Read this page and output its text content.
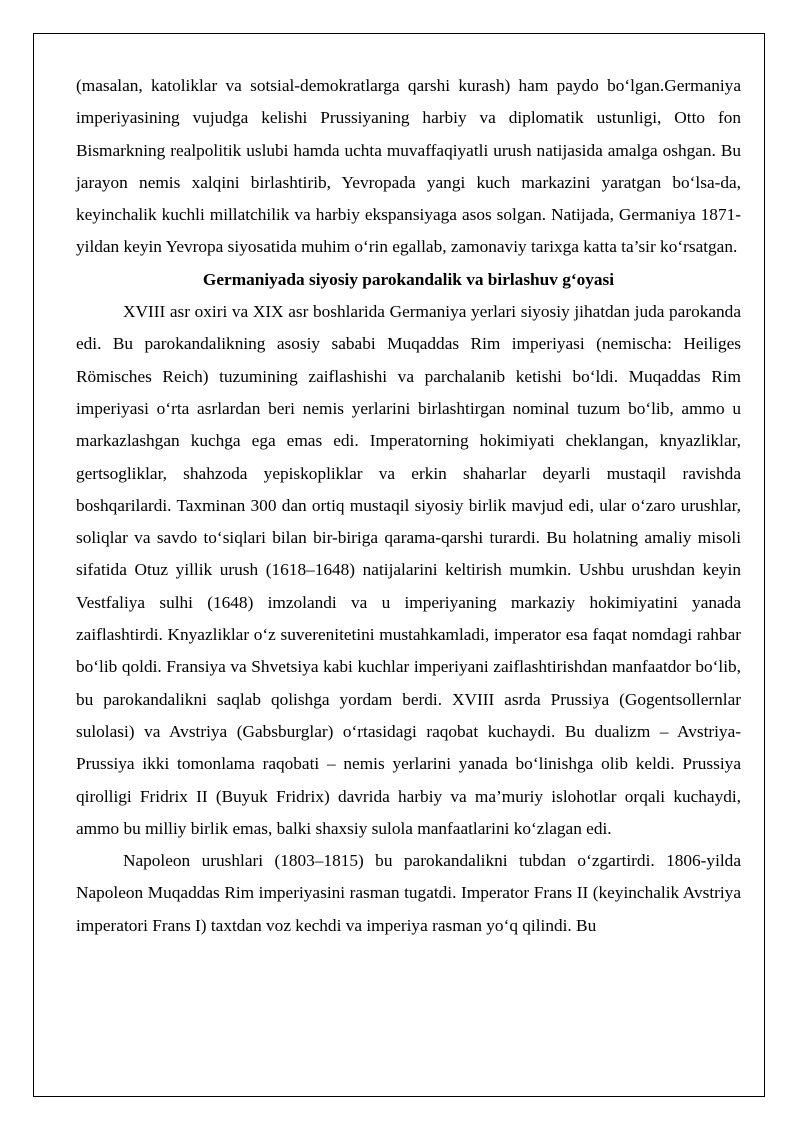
(masalan, katoliklar va sotsial-demokratlarga qarshi kurash) ham paydo bo‘lgan.Germaniya imperiyasining vujudga kelishi Prussiyaning harbiy va diplomatik ustunligi, Otto fon Bismarkning realpolitik uslubi hamda uchta muvaffaqiyatli urush natijasida amalga oshgan. Bu jarayon nemis xalqini birlashtirib, Yevropada yangi kuch markazini yaratgan bo‘lsa-da, keyinchalik kuchli millatchilik va harbiy ekspansiyaga asos solgan. Natijada, Germaniya 1871-yildan keyin Yevropa siyosatida muhim o‘rin egallab, zamonaviy tarixga katta ta’sir ko‘rsatgan.

Germaniyada siyosiy parokandalik va birlashuv g‘oyasi

XVIII asr oxiri va XIX asr boshlarida Germaniya yerlari siyosiy jihatdan juda parokanda edi. Bu parokandalikning asosiy sababi Muqaddas Rim imperiyasi (nemischa: Heiliges Römisches Reich) tuzumining zaiflashishi va parchalanib ketishi bo‘ldi. Muqaddas Rim imperiyasi o‘rta asrlardan beri nemis yerlarini birlashtirgan nominal tuzum bo‘lib, ammo u markazlashgan kuchga ega emas edi. Imperatorning hokimiyati cheklangan, knyazliklar, gertsogliklar, shahzoda yepiskopliklar va erkin shaharlar deyarli mustaqil ravishda boshqarilardi. Taxminan 300 dan ortiq mustaqil siyosiy birlik mavjud edi, ular o‘zaro urushlar, soliqlar va savdo to‘siqlari bilan bir-biriga qarama-qarshi turardi. Bu holatning amaliy misoli sifatida Otuz yillik urush (1618–1648) natijalarini keltirish mumkin. Ushbu urushdan keyin Vestfaliya sulhi (1648) imzolandi va u imperiyaning markaziy hokimiyatini yanada zaiflashtirdi. Knyazliklar o‘z suverenitetini mustahkamladi, imperator esa faqat nomdagi rahbar bo‘lib qoldi. Fransiya va Shvetsiya kabi kuchlar imperiyani zaiflashtirishdan manfaatdor bo‘lib, bu parokandalikni saqlab qolishga yordam berdi. XVIII asrda Prussiya (Gogentsollernlar sulolasi) va Avstriya (Gabsburglar) o‘rtasidagi raqobat kuchaydi. Bu dualizm – Avstriya-Prussiya ikki tomonlama raqobati – nemis yerlarini yanada bo‘linishga olib keldi. Prussiya qirolligi Fridrix II (Buyuk Fridrix) davrida harbiy va ma’muriy islohotlar orqali kuchaydi, ammo bu milliy birlik emas, balki shaxsiy sulola manfaatlarini ko‘zlagan edi.

Napoleon urushlari (1803–1815) bu parokandalikni tubdan o‘zgartirdi. 1806-yilda Napoleon Muqaddas Rim imperiyasini rasman tugatdi. Imperator Frans II (keyinchalik Avstriya imperatori Frans I) taxtdan voz kechdi va imperiya rasman yo‘q qilindi. Bu
